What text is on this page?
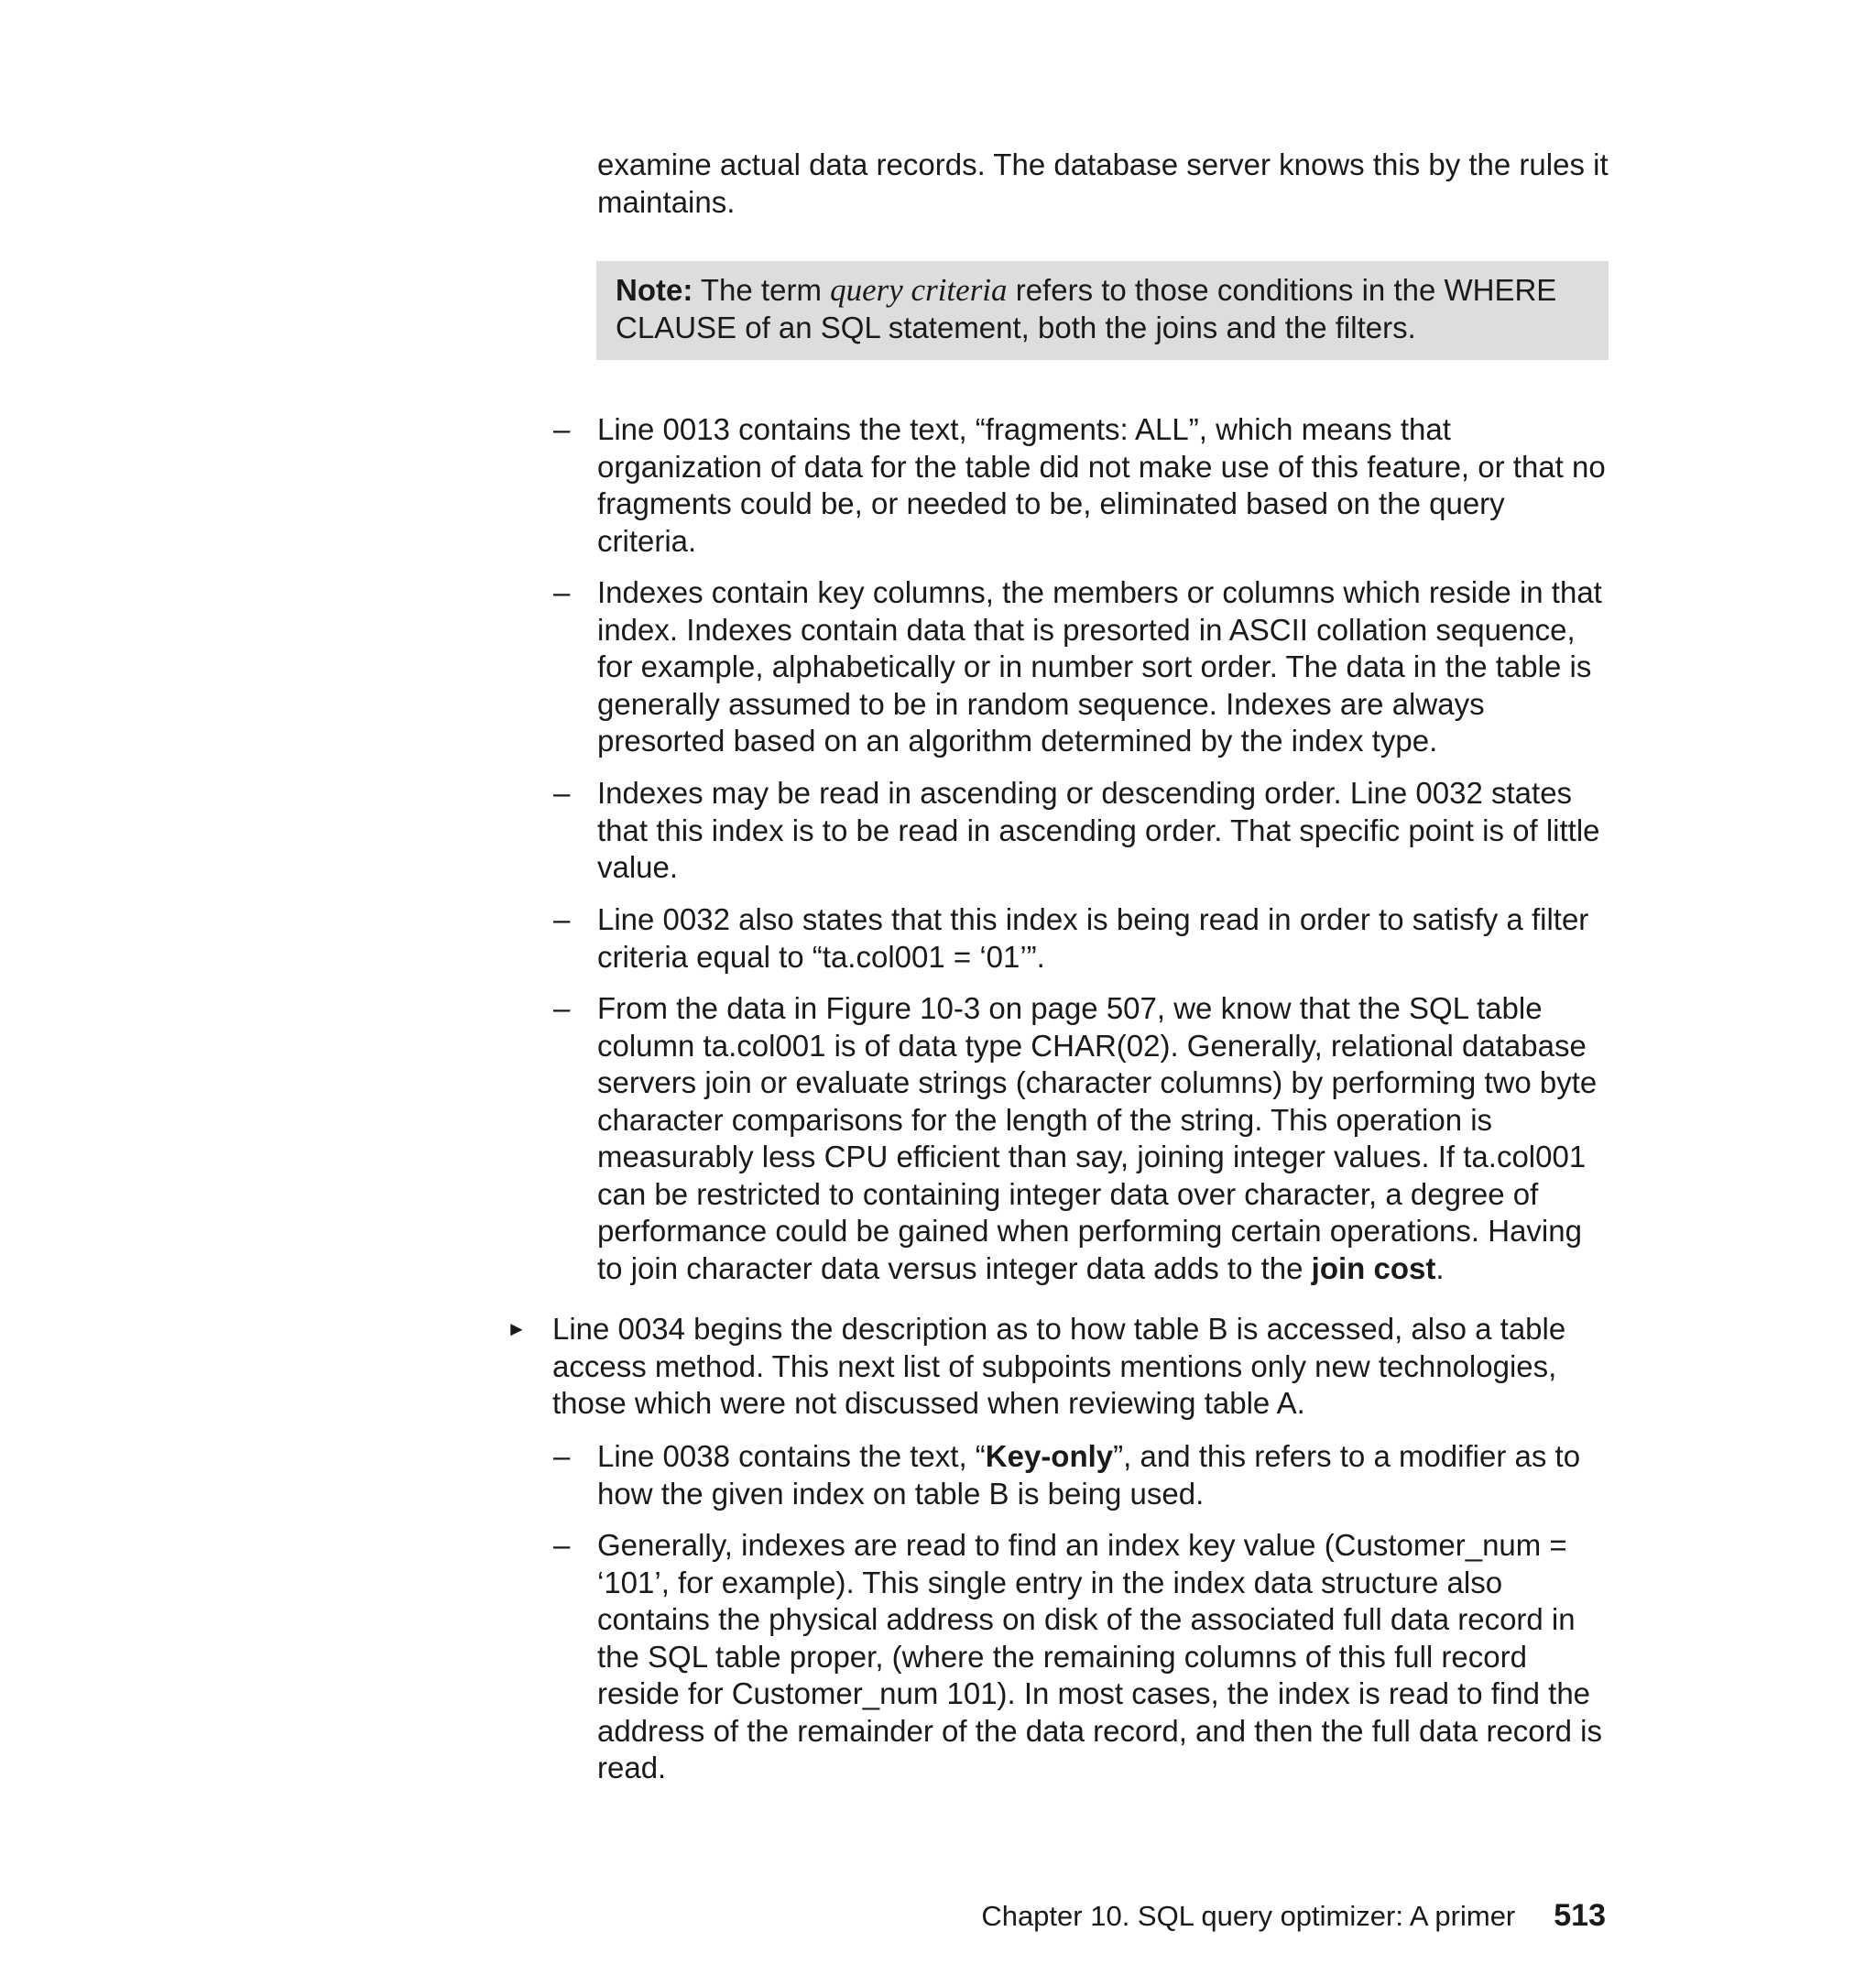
examine actual data records. The database server knows this by the rules it maintains.

Note: The term query criteria refers to those conditions in the WHERE CLAUSE of an SQL statement, both the joins and the filters.
– Line 0013 contains the text, “fragments: ALL”, which means that organization of data for the table did not make use of this feature, or that no fragments could be, or needed to be, eliminated based on the query criteria.
– Indexes contain key columns, the members or columns which reside in that index. Indexes contain data that is presorted in ASCII collation sequence, for example, alphabetically or in number sort order. The data in the table is generally assumed to be in random sequence. Indexes are always presorted based on an algorithm determined by the index type.
– Indexes may be read in ascending or descending order. Line 0032 states that this index is to be read in ascending order. That specific point is of little value.
– Line 0032 also states that this index is being read in order to satisfy a filter criteria equal to “ta.col001 = ‘01’”.
– From the data in Figure 10-3 on page 507, we know that the SQL table column ta.col001 is of data type CHAR(02). Generally, relational database servers join or evaluate strings (character columns) by performing two byte character comparisons for the length of the string. This operation is measurably less CPU efficient than say, joining integer values. If ta.col001 can be restricted to containing integer data over character, a degree of performance could be gained when performing certain operations. Having to join character data versus integer data adds to the join cost.
► Line 0034 begins the description as to how table B is accessed, also a table access method. This next list of subpoints mentions only new technologies, those which were not discussed when reviewing table A.
– Line 0038 contains the text, “Key-only”, and this refers to a modifier as to how the given index on table B is being used.
– Generally, indexes are read to find an index key value (Customer_num = ‘101’, for example). This single entry in the index data structure also contains the physical address on disk of the associated full data record in the SQL table proper, (where the remaining columns of this full record reside for Customer_num 101). In most cases, the index is read to find the address of the remainder of the data record, and then the full data record is read.
Chapter 10. SQL query optimizer: A primer 513
